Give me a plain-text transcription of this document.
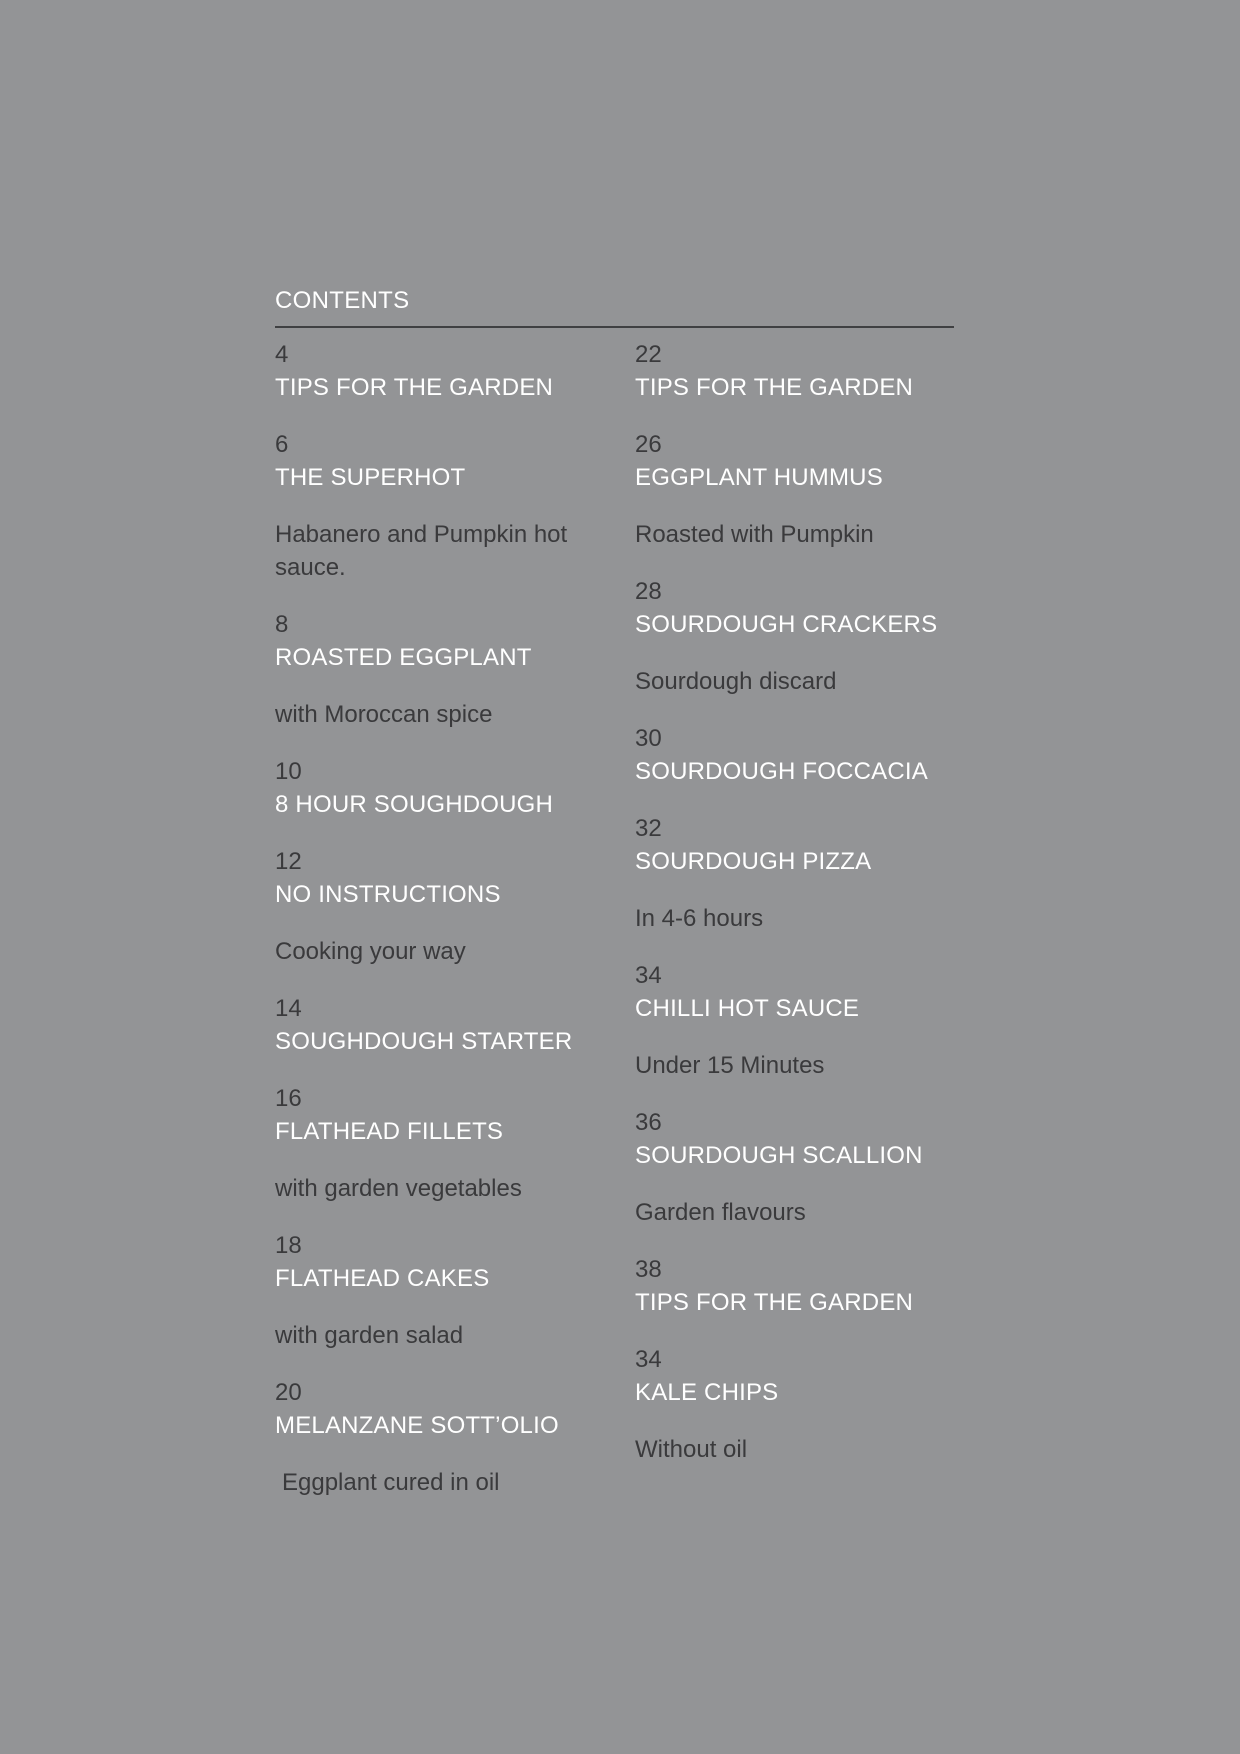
CONTENTS
4
TIPS FOR THE GARDEN
6
THE SUPERHOT
Habanero and Pumpkin hot sauce.
8
ROASTED EGGPLANT
with Moroccan spice
10
8 HOUR SOUGHDOUGH
12
NO INSTRUCTIONS
Cooking your way
14
SOUGHDOUGH STARTER
16
FLATHEAD FILLETS
with garden vegetables
18
FLATHEAD CAKES
with garden salad
20
MELANZANE SOTT’OLIO
Eggplant cured in oil
22
TIPS FOR THE GARDEN
26
EGGPLANT HUMMUS
Roasted with Pumpkin
28
SOURDOUGH CRACKERS
Sourdough discard
30
SOURDOUGH FOCCACIA
32
SOURDOUGH PIZZA
In 4-6 hours
34
CHILLI HOT SAUCE
Under 15 Minutes
36
SOURDOUGH SCALLION
Garden flavours
38
TIPS FOR THE GARDEN
34
KALE CHIPS
Without oil
